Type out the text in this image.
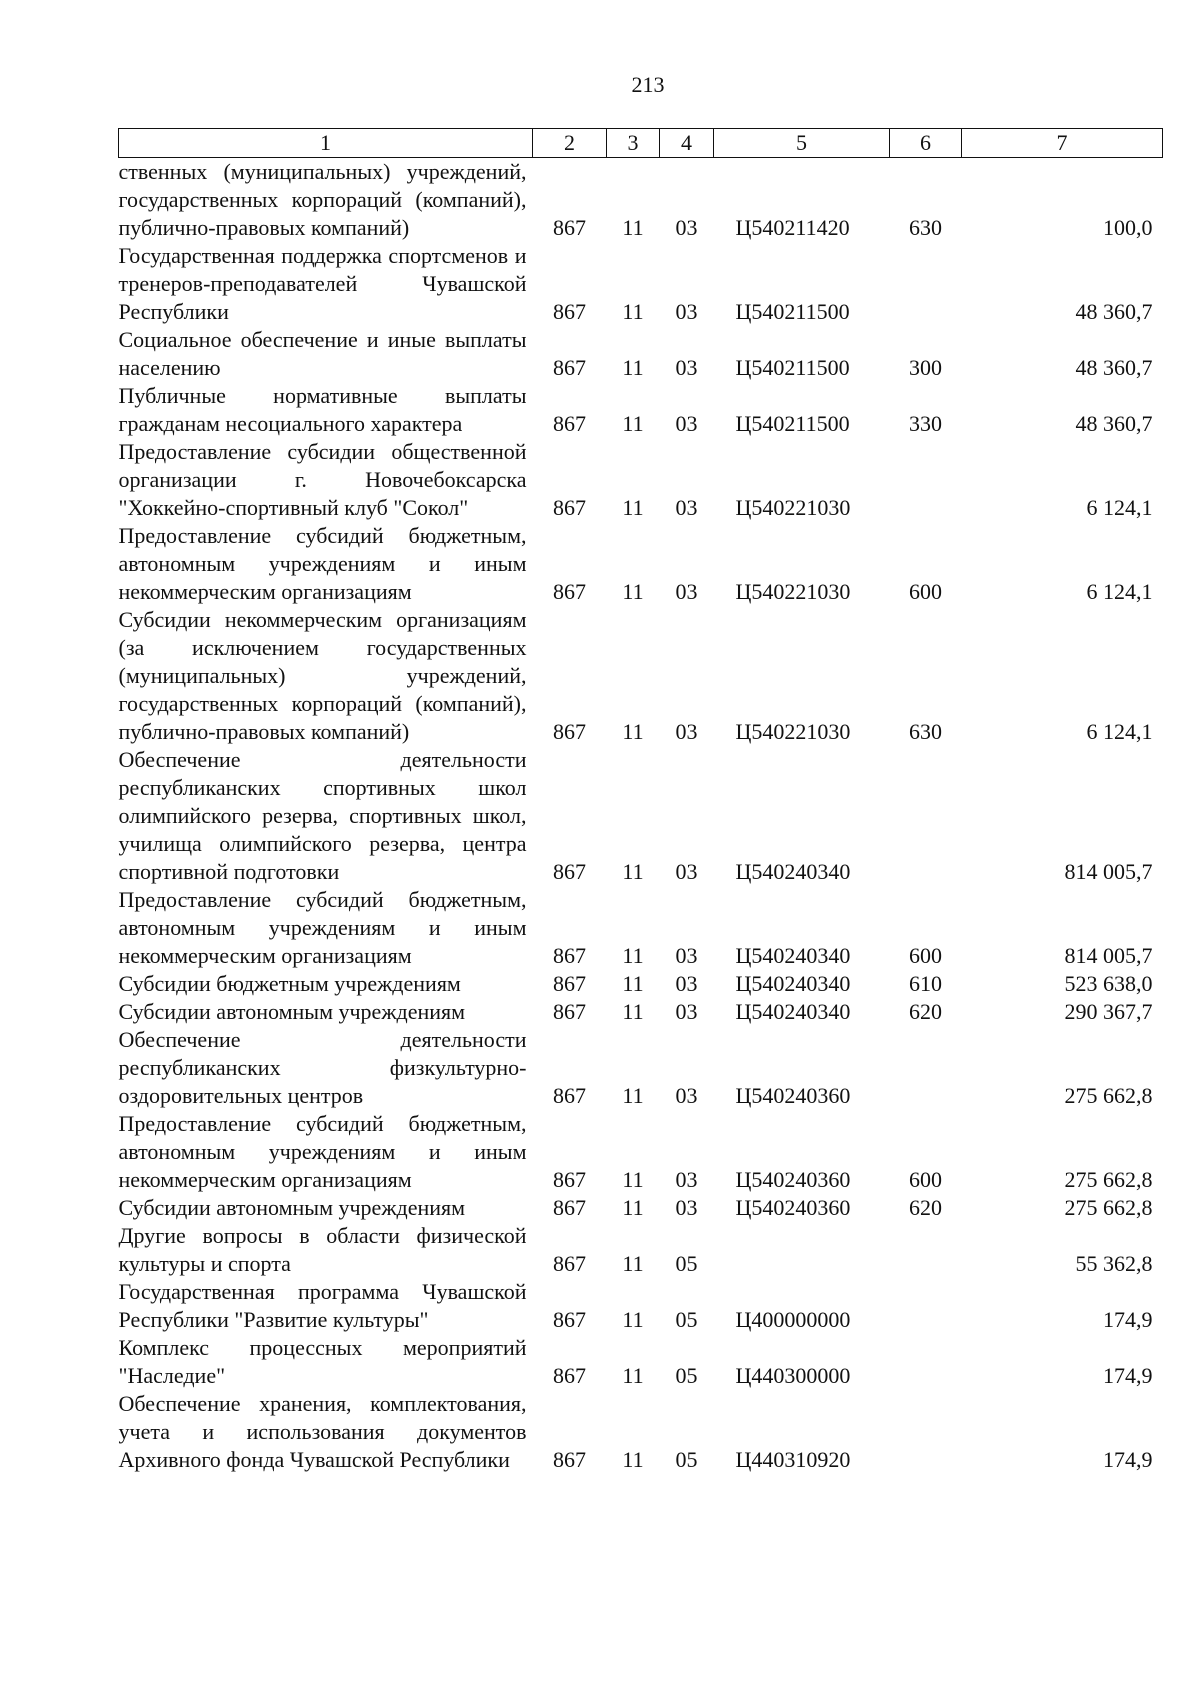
213
1	2	3	4	5	6	7
ственных (муниципальных) учреждений, государственных корпораций (компаний), публично-правовых компаний)	867	11	03	Ц540211420	630	100,0
Государственная поддержка спортсменов и тренеров-преподавателей Чувашской Республики	867	11	03	Ц540211500		48 360,7
Социальное обеспечение и иные выплаты населению	867	11	03	Ц540211500	300	48 360,7
Публичные нормативные выплаты гражданам несоциального характера	867	11	03	Ц540211500	330	48 360,7
Предоставление субсидии общественной организации г. Новочебоксарска "Хоккейно-спортивный клуб "Сокол"	867	11	03	Ц540221030		6 124,1
Предоставление субсидий бюджетным, автономным учреждениям и иным некоммерческим организациям	867	11	03	Ц540221030	600	6 124,1
Субсидии некоммерческим организациям (за исключением государственных (муниципальных) учреждений, государственных корпораций (компаний), публично-правовых компаний)	867	11	03	Ц540221030	630	6 124,1
Обеспечение деятельности республиканских спортивных школ олимпийского резерва, спортивных школ, училища олимпийского резерва, центра спортивной подготовки	867	11	03	Ц540240340		814 005,7
Предоставление субсидий бюджетным, автономным учреждениям и иным некоммерческим организациям	867	11	03	Ц540240340	600	814 005,7
Субсидии бюджетным учреждениям	867	11	03	Ц540240340	610	523 638,0
Субсидии автономным учреждениям	867	11	03	Ц540240340	620	290 367,7
Обеспечение деятельности республиканских физкультурно-оздоровительных центров	867	11	03	Ц540240360		275 662,8
Предоставление субсидий бюджетным, автономным учреждениям и иным некоммерческим организациям	867	11	03	Ц540240360	600	275 662,8
Субсидии автономным учреждениям	867	11	03	Ц540240360	620	275 662,8
Другие вопросы в области физической культуры и спорта	867	11	05			55 362,8
Государственная программа Чувашской Республики "Развитие культуры"	867	11	05	Ц400000000		174,9
Комплекс процессных мероприятий "Наследие"	867	11	05	Ц440300000		174,9
Обеспечение хранения, комплектования, учета и использования документов Архивного фонда Чувашской Республики	867	11	05	Ц440310920		174,9
